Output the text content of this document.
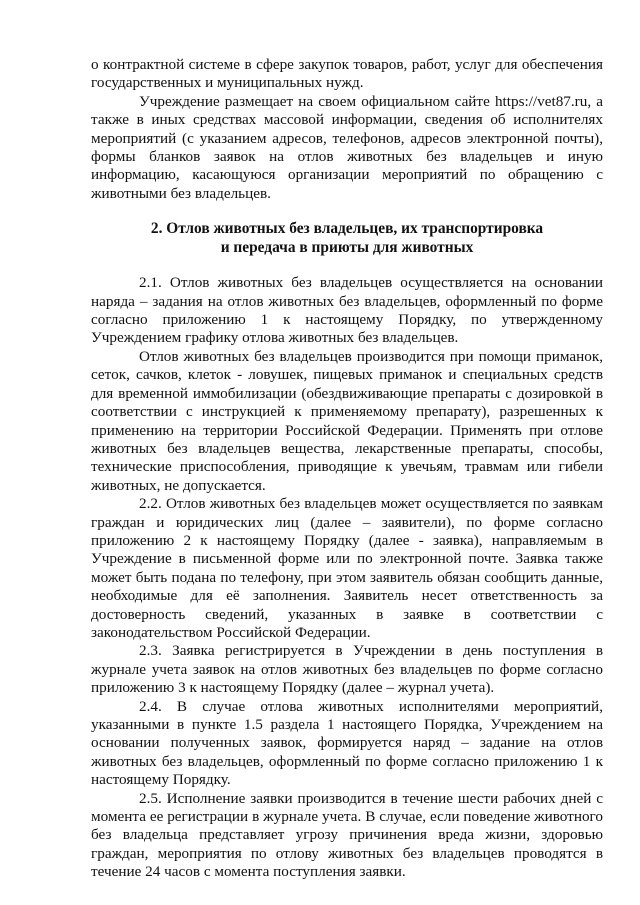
о контрактной системе в сфере закупок товаров, работ, услуг для обеспечения государственных и муниципальных нужд.

Учреждение размещает на своем официальном сайте https://vet87.ru, а также в иных средствах массовой информации, сведения об исполнителях мероприятий (с указанием адресов, телефонов, адресов электронной почты), формы бланков заявок на отлов животных без владельцев и иную информацию, касающуюся организации мероприятий по обращению с животными без владельцев.

2. Отлов животных без владельцев, их транспортировка

и передача в приюты для животных

2.1. Отлов животных без владельцев осуществляется на основании наряда – задания на отлов животных без владельцев, оформленный по форме согласно приложению 1 к настоящему Порядку, по утвержденному Учреждением графику отлова животных без владельцев.

Отлов животных без владельцев производится при помощи приманок, сеток, сачков, клеток - ловушек, пищевых приманок и специальных средств для временной иммобилизации (обездвиживающие препараты с дозировкой в соответствии с инструкцией к применяемому препарату), разрешенных к применению на территории Российской Федерации. Применять при отлове животных без владельцев вещества, лекарственные препараты, способы, технические приспособления, приводящие к увечьям, травмам или гибели животных, не допускается.

2.2. Отлов животных без владельцев может осуществляется по заявкам граждан и юридических лиц (далее – заявители), по форме согласно приложению 2 к настоящему Порядку (далее - заявка), направляемым в Учреждение в письменной форме или по электронной почте. Заявка также может быть подана по телефону, при этом заявитель обязан сообщить данные, необходимые для её заполнения. Заявитель несет ответственность за достоверность сведений, указанных в заявке в соответствии с законодательством Российской Федерации.

2.3. Заявка регистрируется в Учреждении в день поступления в журнале учета заявок на отлов животных без владельцев по форме согласно приложению 3 к настоящему Порядку (далее – журнал учета).

2.4. В случае отлова животных исполнителями мероприятий, указанными в пункте 1.5 раздела 1 настоящего Порядка, Учреждением на основании полученных заявок, формируется наряд – задание на отлов животных без владельцев, оформленный по форме согласно приложению 1 к настоящему Порядку.

2.5. Исполнение заявки производится в течение шести рабочих дней с момента ее регистрации в журнале учета. В случае, если поведение животного без владельца представляет угрозу причинения вреда жизни, здоровью граждан, мероприятия по отлову животных без владельцев проводятся в течение 24 часов с момента поступления заявки.
